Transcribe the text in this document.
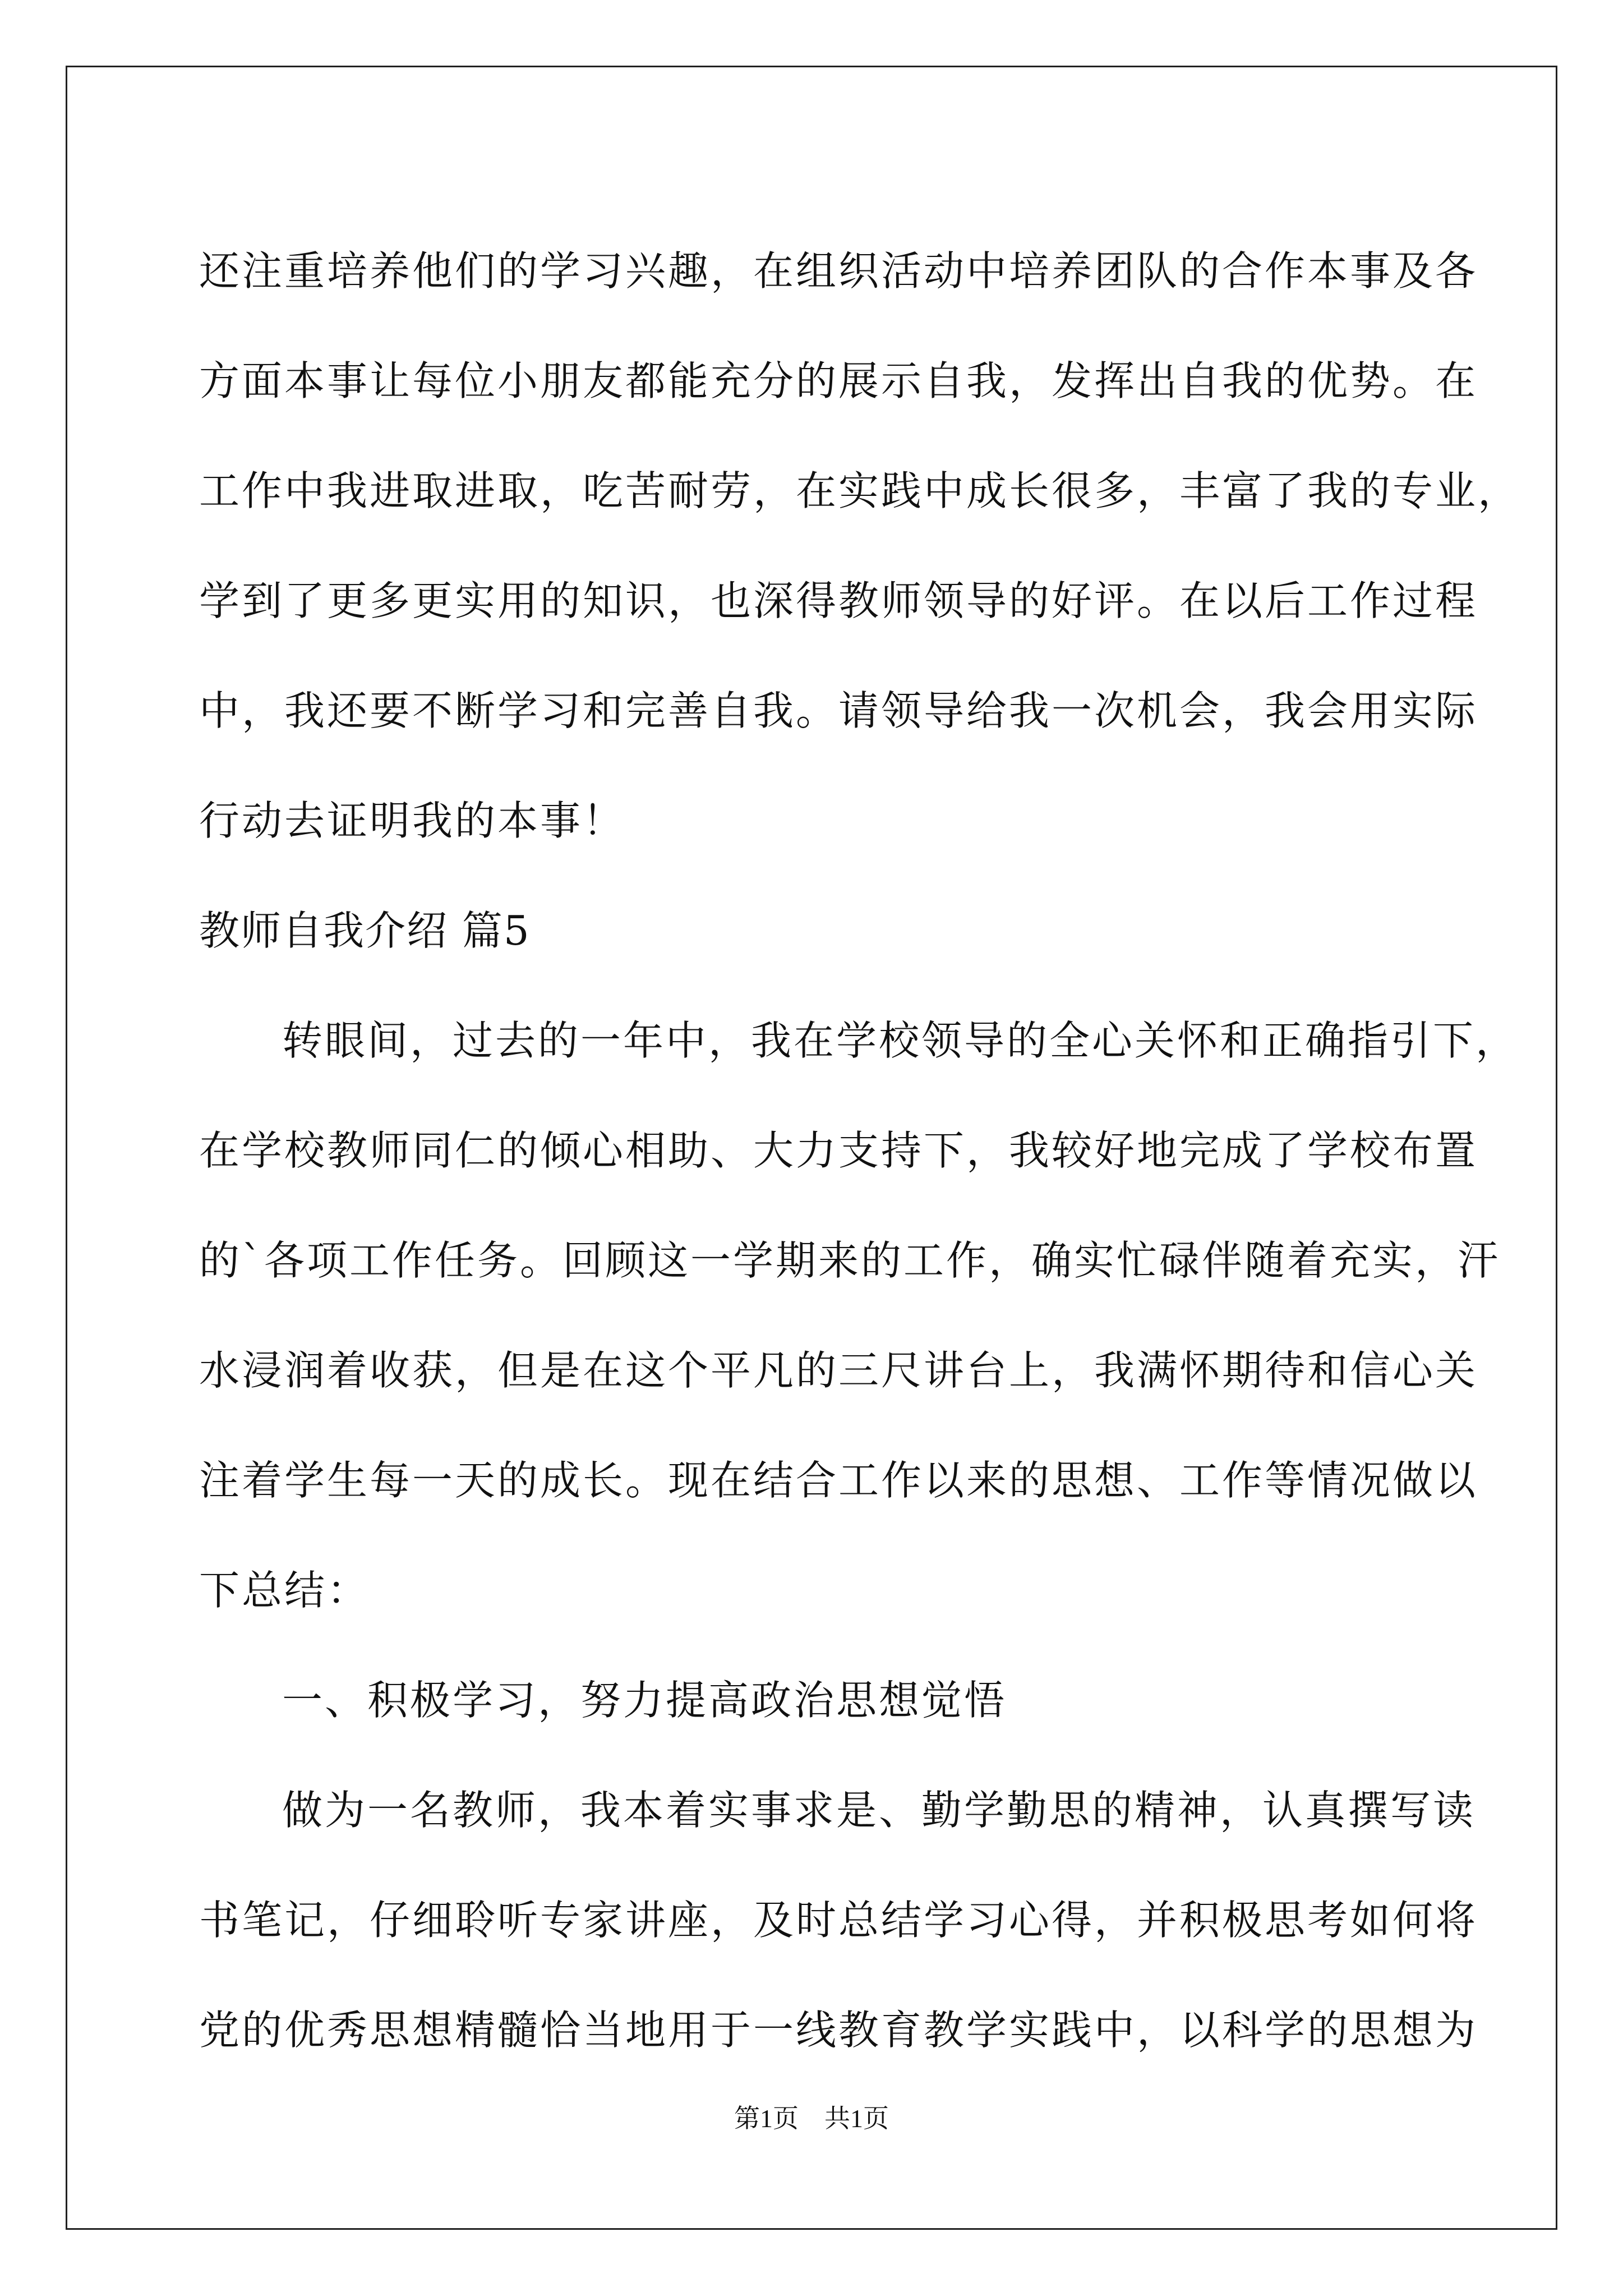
还注重培养他们的学习兴趣，在组织活动中培养团队的合作本事及各
方面本事让每位小朋友都能充分的展示自我，发挥出自我的优势。在
工作中我进取进取，吃苦耐劳，在实践中成长很多，丰富了我的专业，
学到了更多更实用的知识，也深得教师领导的好评。在以后工作过程
中，我还要不断学习和完善自我。请领导给我一次机会，我会用实际
行动去证明我的本事！
教师自我介绍 篇5
转眼间，过去的一年中，我在学校领导的全心关怀和正确指引下，
在学校教师同仁的倾心相助、大力支持下，我较好地完成了学校布置
的`各项工作任务。回顾这一学期来的工作，确实忙碌伴随着充实，汗
水浸润着收获，但是在这个平凡的三尺讲台上，我满怀期待和信心关
注着学生每一天的成长。现在结合工作以来的思想、工作等情况做以
下总结：
一、积极学习，努力提高政治思想觉悟
做为一名教师，我本着实事求是、勤学勤思的精神，认真撰写读
书笔记，仔细聆听专家讲座，及时总结学习心得，并积极思考如何将
党的优秀思想精髓恰当地用于一线教育教学实践中，以科学的思想为
第1页　共1页
